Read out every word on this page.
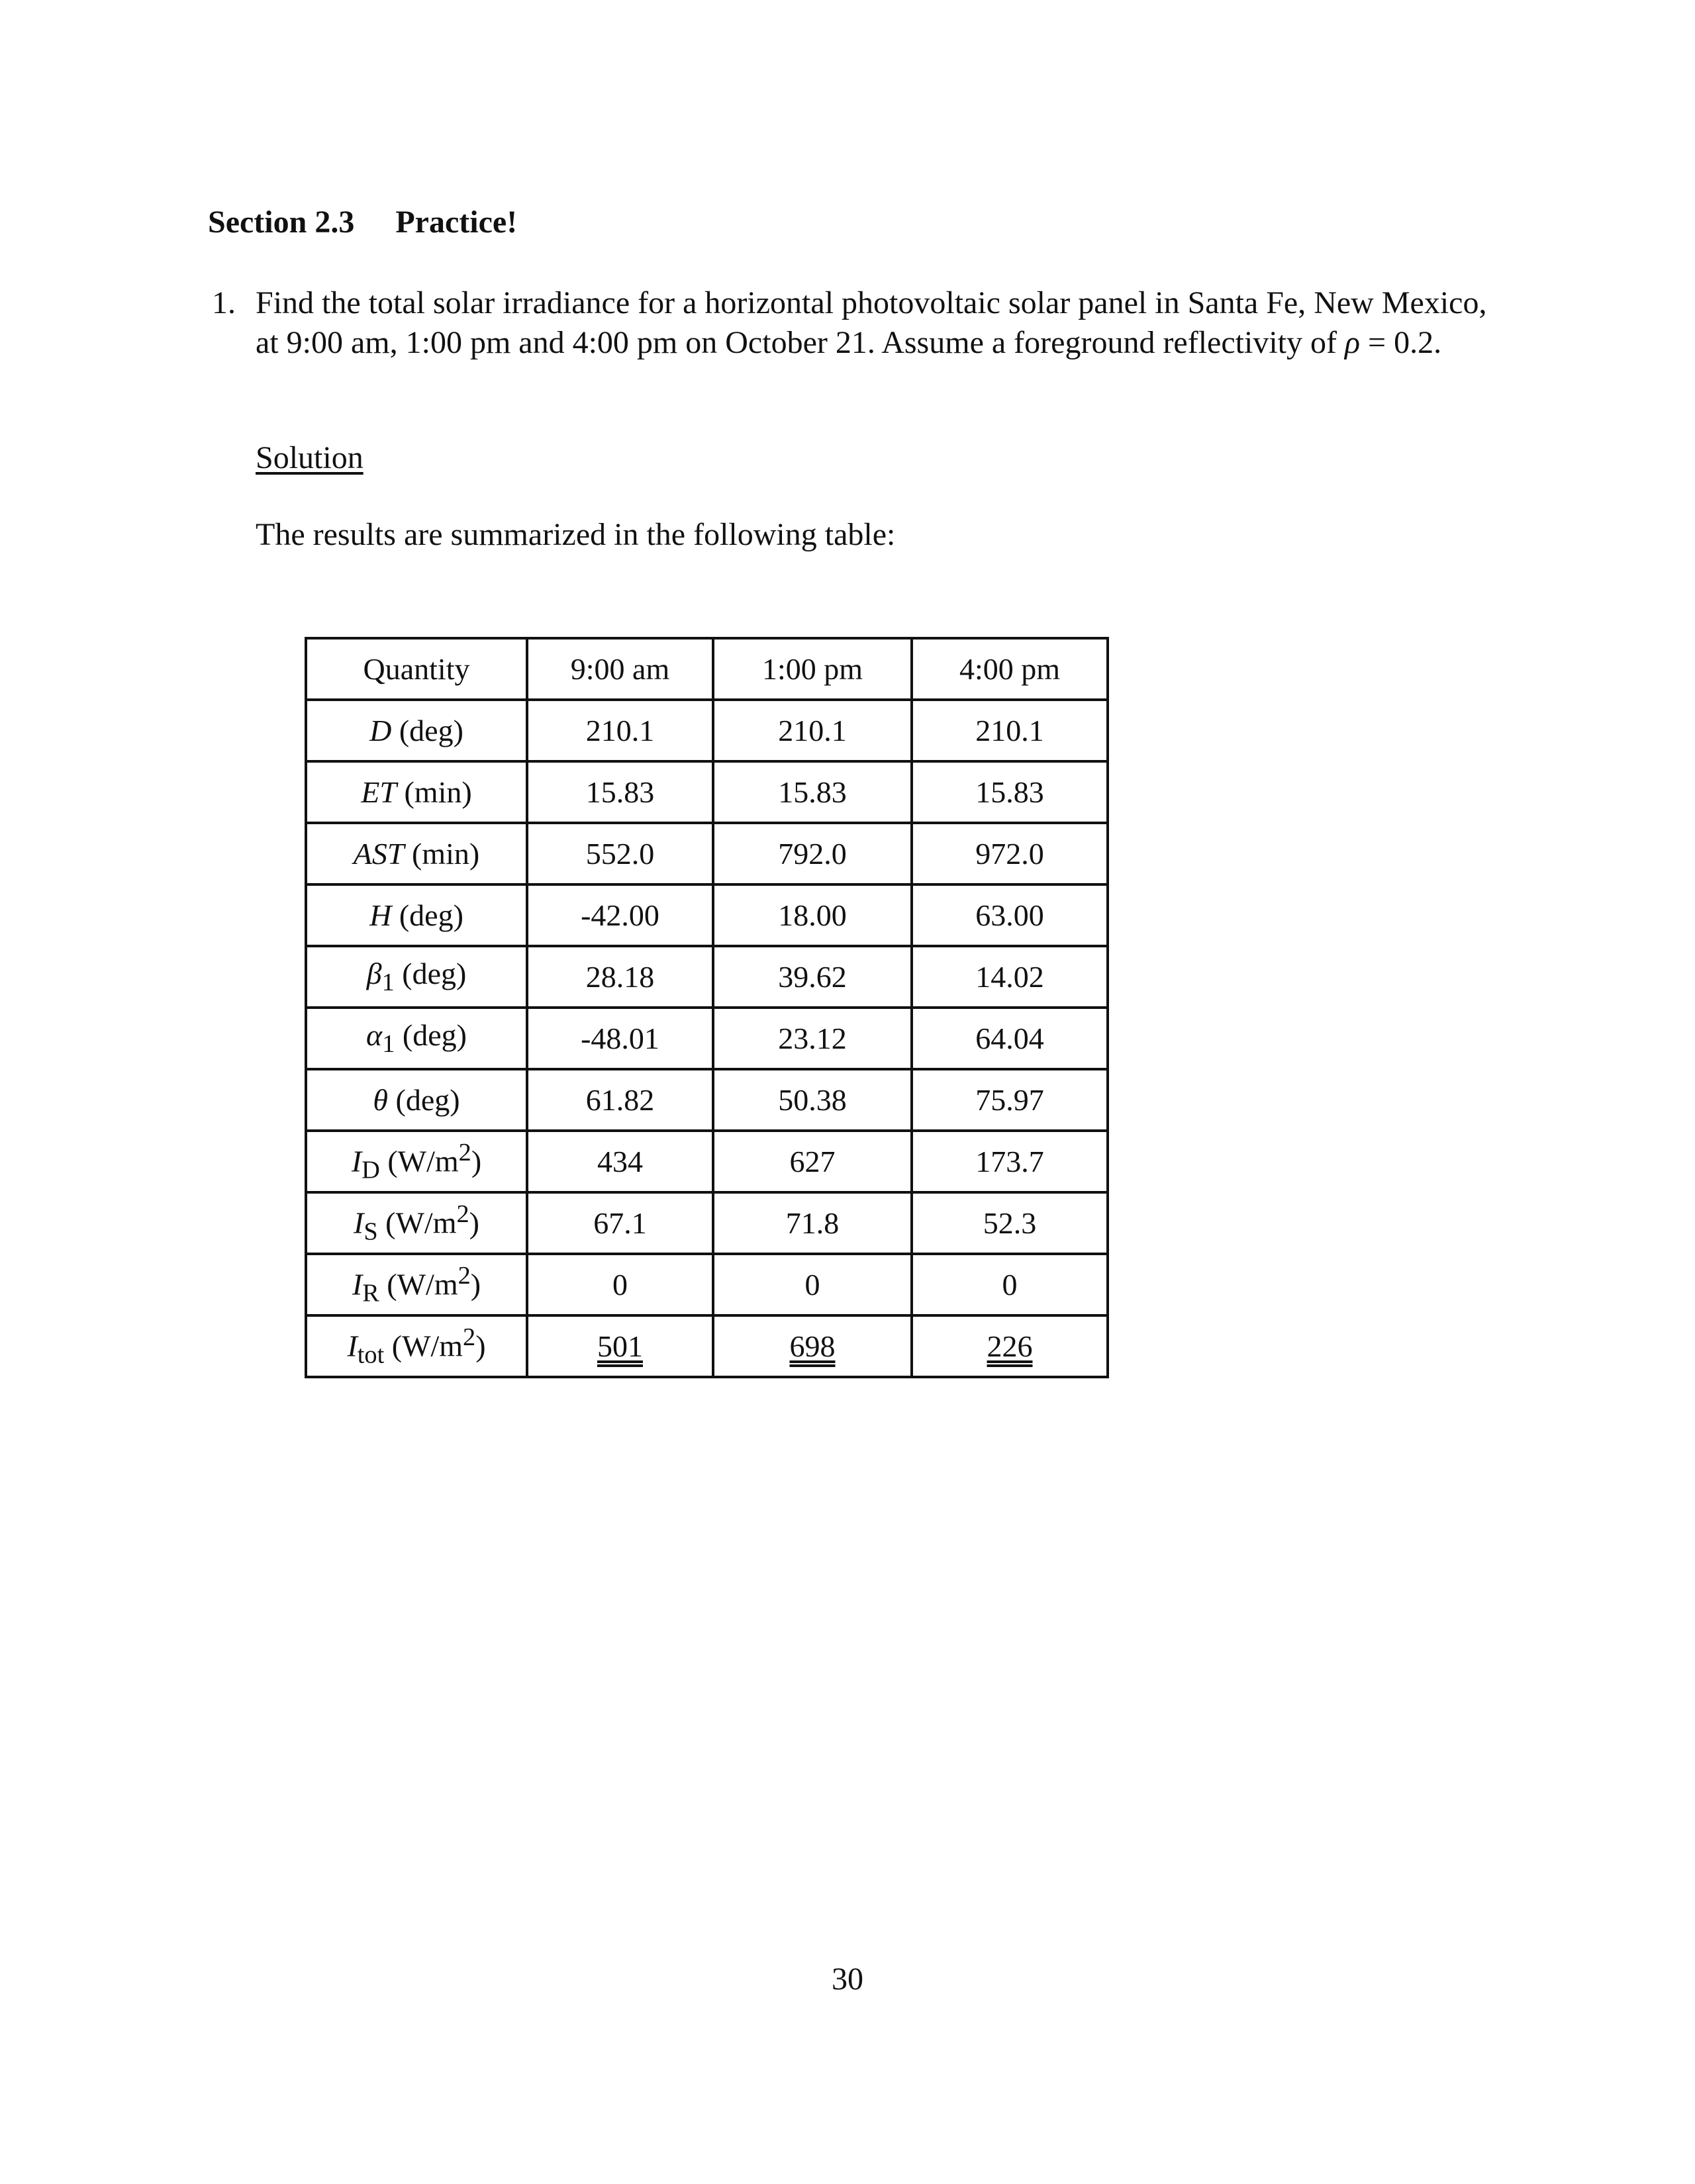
Section 2.3 Practice!
1. Find the total solar irradiance for a horizontal photovoltaic solar panel in Santa Fe, New Mexico, at 9:00 am, 1:00 pm and 4:00 pm on October 21. Assume a foreground reflectivity of ρ = 0.2.
Solution
The results are summarized in the following table:
Quantity	9:00 am	1:00 pm	4:00 pm
D (deg)	210.1	210.1	210.1
ET (min)	15.83	15.83	15.83
AST (min)	552.0	792.0	972.0
H (deg)	-42.00	18.00	63.00
$\beta_1$ (deg)	28.18	39.62	14.02
$\alpha_1$ (deg)	-48.01	23.12	64.04
θ (deg)	61.82	50.38	75.97
$I_D$ $(W/m^2)$	434	627	173.7
$I_S$ $(W/m^2)$	67.1	71.8	52.3
$I_R$ $(W/m^2)$	0	0	0
$I_{tot}$ $(W/m^2)$	501	698	226
30
